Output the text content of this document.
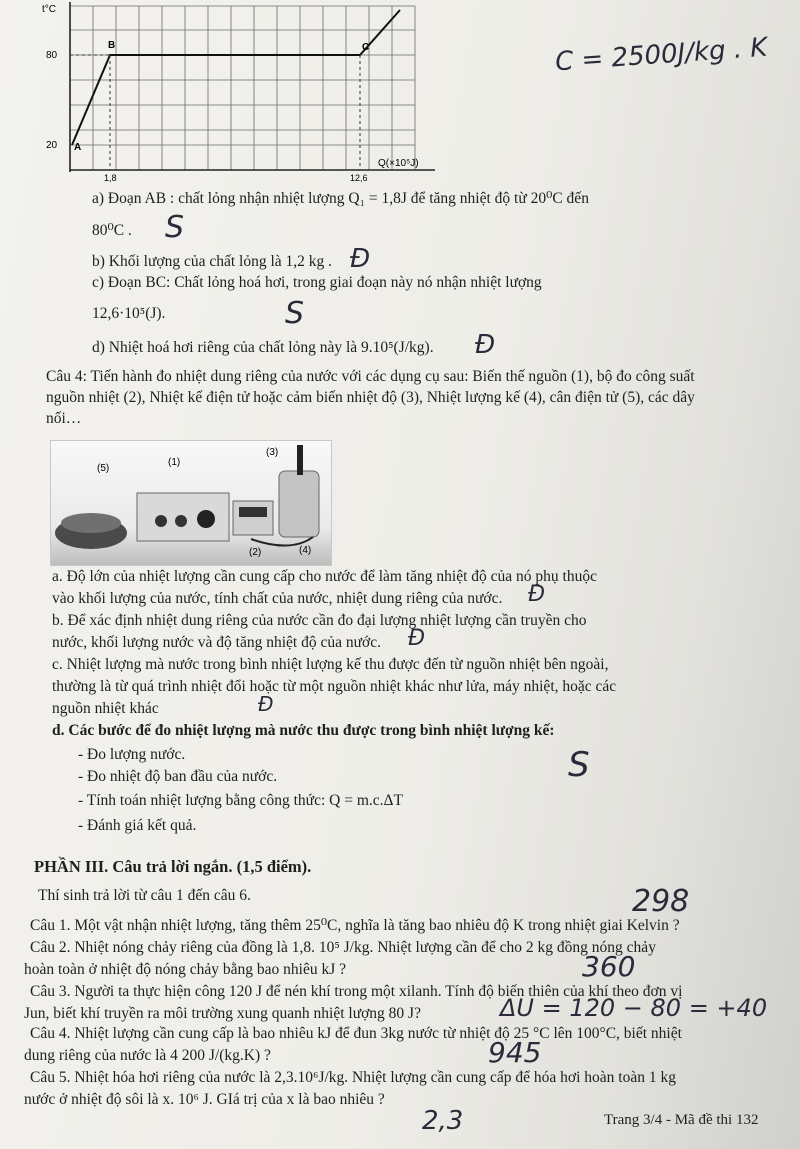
t°C
80
20
1,8	12,6
Q(×10⁵J)
A
B	C	C = 2500J/kg . K
a) Đoạn AB : chất lỏng nhận nhiệt lượng Q₁ = 1,8J để tăng nhiệt độ từ 20⁰C đến
80⁰C . S
b) Khối lượng của chất lỏng là 1,2 kg . Đ
c) Đoạn BC: Chất lỏng hoá hơi, trong giai đoạn này nó nhận nhiệt lượng
12,6·10⁵(J).	S
d) Nhiệt hoá hơi riêng của chất lỏng này là 9.10⁵(J/kg). Đ
Câu 4: Tiến hành đo nhiệt dung riêng của nước với các dụng cụ sau: Biến thế nguồn (1), bộ đo công suất
nguồn nhiệt (2), Nhiệt kế điện tử hoặc cảm biến nhiệt độ (3), Nhiệt lượng kế (4), cân điện tử (5), các dây
nối…
(5)
(1)
(3)
(2)	(4)
a. Độ lớn của nhiệt lượng cần cung cấp cho nước để làm tăng nhiệt độ của nó phụ thuộc
vào khối lượng của nước, tính chất của nước, nhiệt dung riêng của nước. Đ
b. Để xác định nhiệt dung riêng của nước cần đo đại lượng nhiệt lượng cần truyền cho
nước, khối lượng nước và độ tăng nhiệt độ của nước. Đ
c. Nhiệt lượng mà nước trong bình nhiệt lượng kế thu được đến từ nguồn nhiệt bên ngoài,
thường là từ quá trình nhiệt đổi hoặc từ một nguồn nhiệt khác như lửa, máy nhiệt, hoặc các
nguồn nhiệt khác	Đ
d. Các bước để đo nhiệt lượng mà nước thu được trong bình nhiệt lượng kế:
- Đo lượng nước.
- Đo nhiệt độ ban đầu của nước.
- Tính toán nhiệt lượng bằng công thức: Q = m.c.ΔT
- Đánh giá kết quả.
S
PHẦN III. Câu trả lời ngắn. (1,5 điểm).
Thí sinh trả lời từ câu 1 đến câu 6.	298
Câu 1. Một vật nhận nhiệt lượng, tăng thêm 25⁰C, nghĩa là tăng bao nhiêu độ K trong nhiệt giai Kelvin ?
Câu 2. Nhiệt nóng chảy riêng của đồng là 1,8. 10⁵ J/kg. Nhiệt lượng cần để cho 2 kg đồng nóng chảy
hoàn toàn ở nhiệt độ nóng chảy bằng bao nhiêu kJ ?	360
Câu 3. Người ta thực hiện công 120 J để nén khí trong một xilanh. Tính độ biến thiên của khí theo đơn vị
Jun, biết khí truyền ra môi trường xung quanh nhiệt lượng 80 J?	ΔU = 120 − 80 = +40
Câu 4. Nhiệt lượng cần cung cấp là bao nhiêu kJ để đun 3kg nước từ nhiệt độ 25 °C lên 100°C, biết nhiệt
dung riêng của nước là 4 200 J/(kg.K) ?	945
Câu 5. Nhiệt hóa hơi riêng của nước là 2,3.10⁶J/kg. Nhiệt lượng cần cung cấp để hóa hơi hoàn toàn 1 kg
nước ở nhiệt độ sôi là x. 10⁶ J. GIá trị của x là bao nhiêu ?
2,3	Trang 3/4 - Mã đề thi 132
